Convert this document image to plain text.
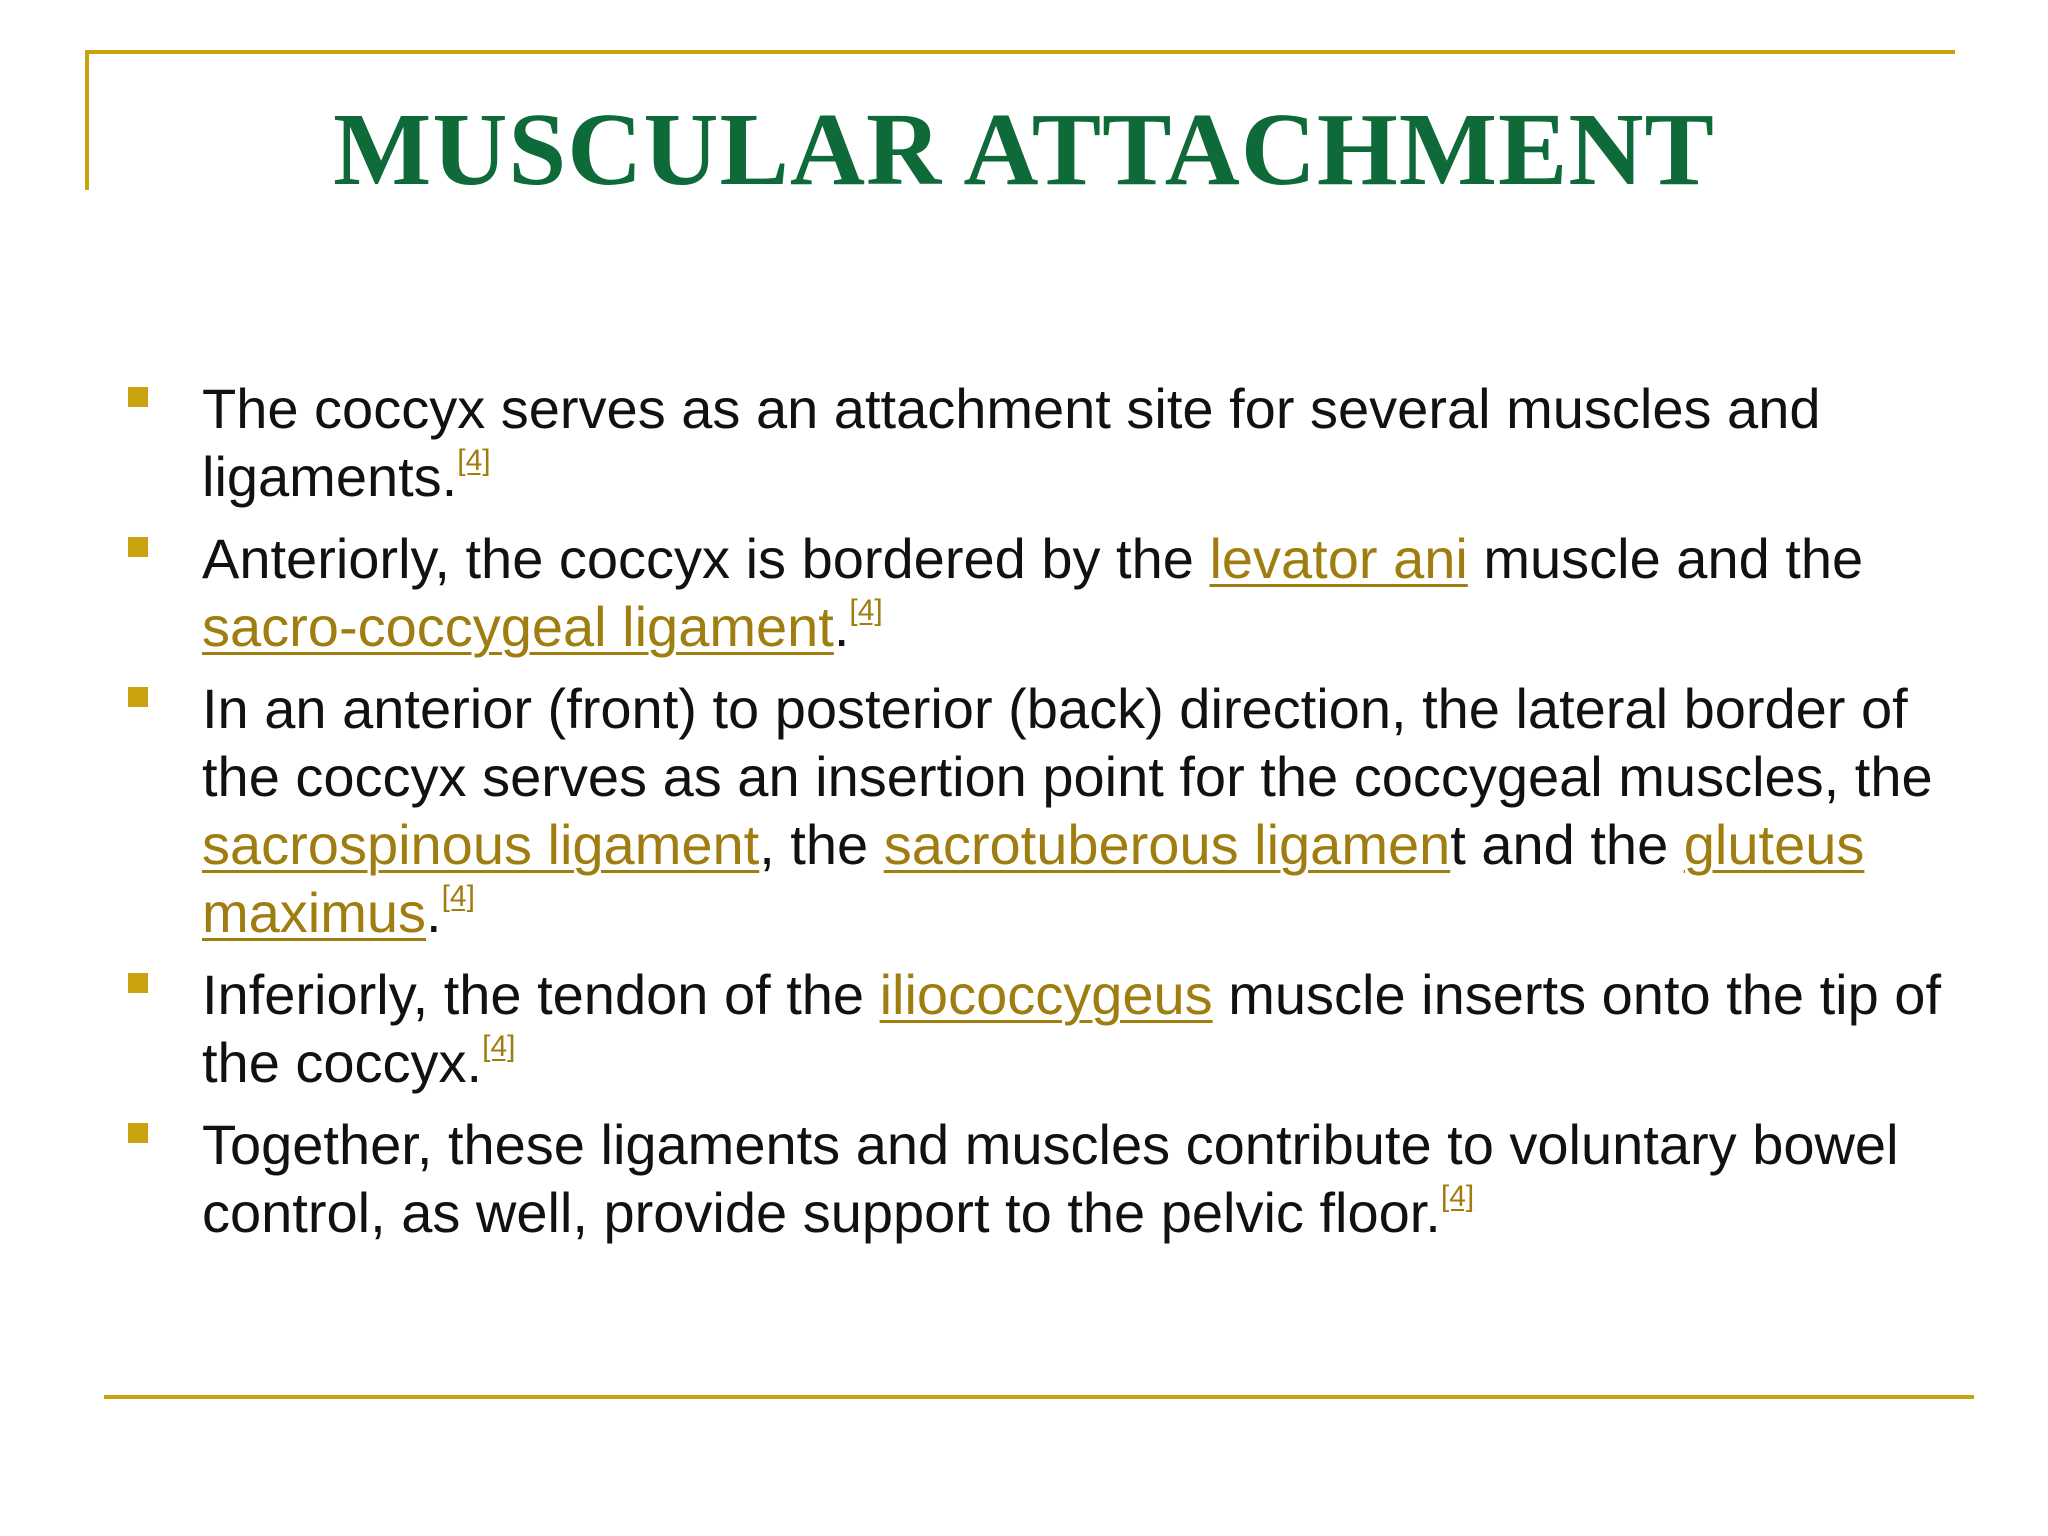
MUSCULAR ATTACHMENT
The coccyx serves as an attachment site for several muscles and ligaments.[4]
Anteriorly, the coccyx is bordered by the levator ani muscle and the sacro-coccygeal ligament.[4]
In an anterior (front) to posterior (back) direction, the lateral border of the coccyx serves as an insertion point for the coccygeal muscles, the sacrospinous ligament, the sacrotuberous ligament and the gluteus maximus.[4]
Inferiorly, the tendon of the iliococcygeus muscle inserts onto the tip of the coccyx.[4]
Together, these ligaments and muscles contribute to voluntary bowel control, as well, provide support to the pelvic floor.[4]
